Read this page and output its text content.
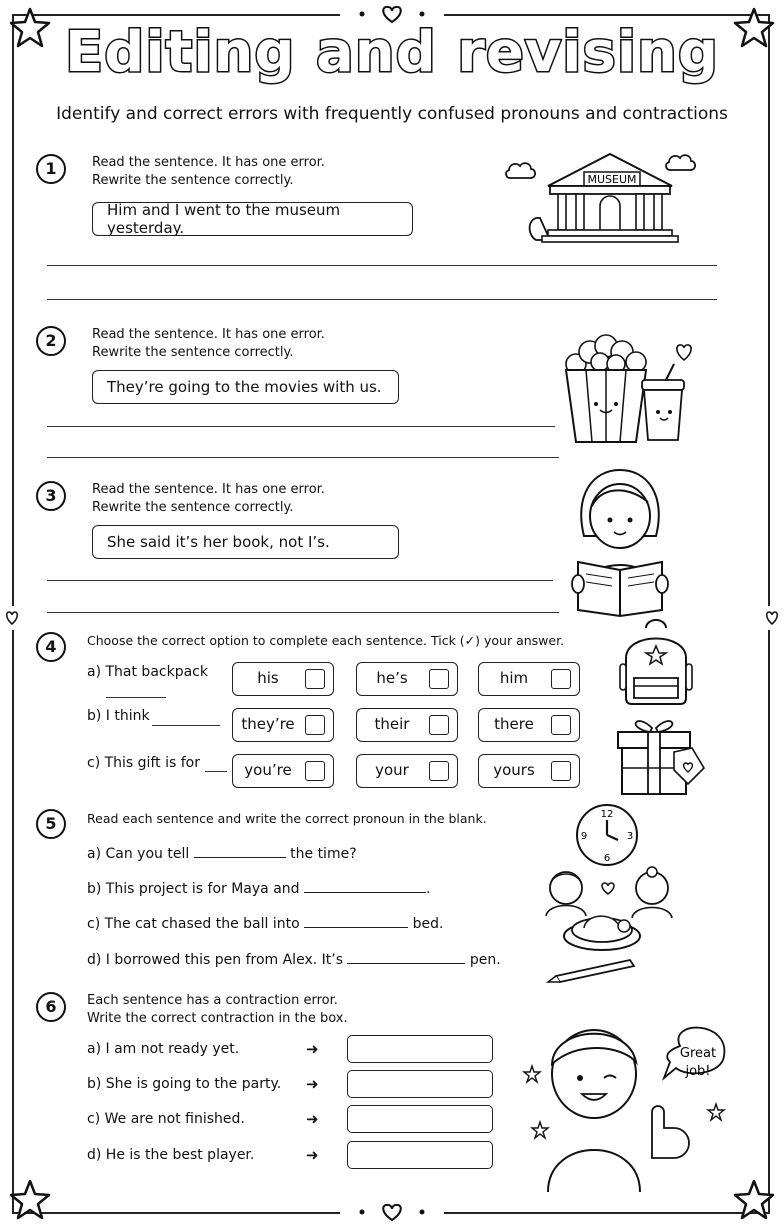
Editing and revising
Identify and correct errors with frequently confused pronouns and contractions
1	Read the sentence. It has one error.
Rewrite the sentence correctly.
Him and I went to the museum yesterday.
MUSEUM
2	Read the sentence. It has one error.
Rewrite the sentence correctly.
They’re going to the movies with us.
3	Read the sentence. It has one error.
Rewrite the sentence correctly.
She said it’s her book, not I’s.
4	Choose the correct option to complete each sentence. Tick (✓) your answer.
a) That backpack	his	he’s	him
b) I think	they’re	their	there
c) This gift is for	you’re	your	yours
5	Read each sentence and write the correct pronoun in the blank.
a) Can you tell	the time?
b) This project is for Maya and	.
c) The cat chased the ball into	bed.
d) I borrowed this pen from Alex. It’s	pen.
12
3
6
9
6	Each sentence has a contraction error.
Write the correct contraction in the box.
a) I am not ready yet.	➜
b) She is going to the party. ➜
c) We are not finished.	➜
d) He is the best player.	➜
Great
job!
